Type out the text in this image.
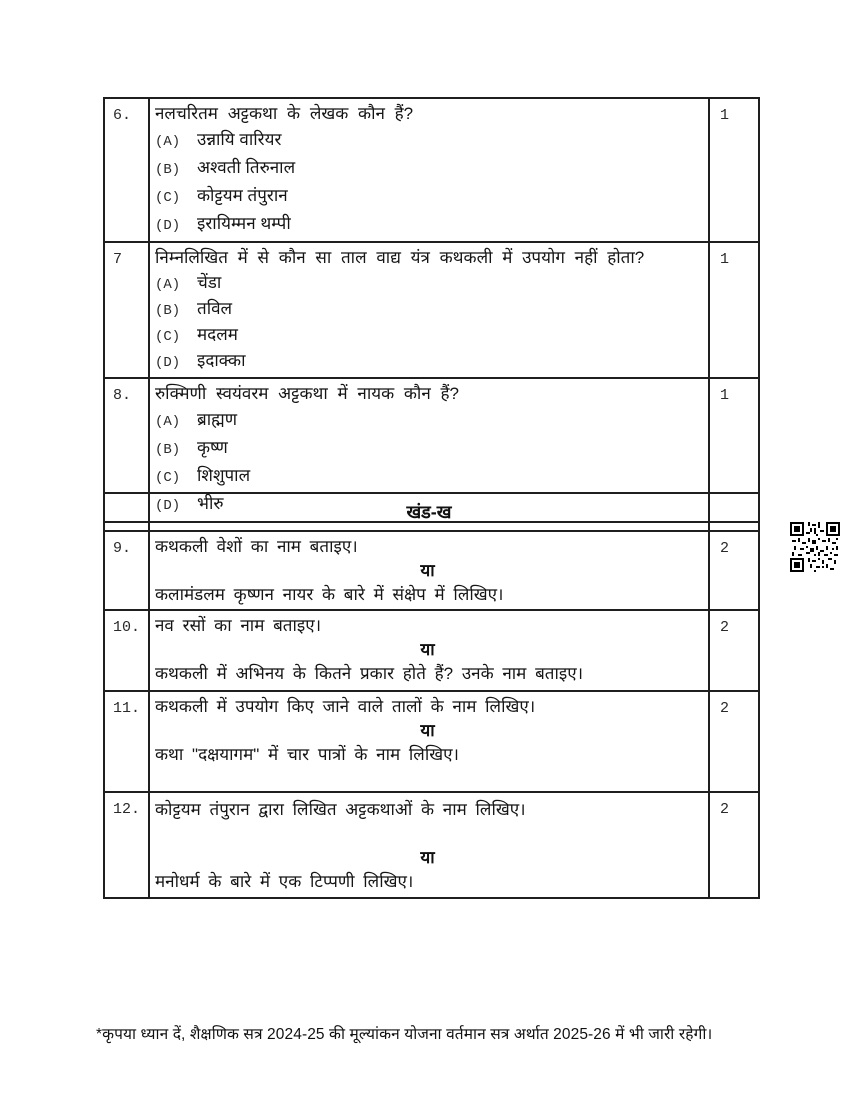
6.	नलचरितम अट्टकथा के लेखक कौन हैं?
(A) उन्नायि वारियर
(B) अश्वती तिरुनाल
(C) कोट्टयम तंपुरान
(D) इरायिम्मन थम्पी
	1
7	निम्नलिखित में से कौन सा ताल वाद्य यंत्र कथकली में उपयोग नहीं होता?
(A) चेंडा
(B) तविल
(C) मदलम
(D) इदाक्का
	1
8.	रुक्मिणी स्वयंवरम अट्टकथा में नायक कौन हैं?
(A) ब्राह्मण
(B) कृष्ण
(C) शिशुपाल
(D) भीरु
	1
	खंड-ख	
9.	कथकली वेशों का नाम बताइए।
या
कलामंडलम कृष्णन नायर के बारे में संक्षेप में लिखिए।	2
10.	नव रसों का नाम बताइए।
या
कथकली में अभिनय के कितने प्रकार होते हैं? उनके नाम बताइए।	2
11.	कथकली में उपयोग किए जाने वाले तालों के नाम लिखिए।
या
कथा "दक्षयागम" में चार पात्रों के नाम लिखिए।	2
12.	कोट्टयम तंपुरान द्वारा लिखित अट्टकथाओं के नाम लिखिए।
या
मनोधर्म के बारे में एक टिप्पणी लिखिए।	2
*कृपया ध्यान दें, शैक्षणिक सत्र 2024-25 की मूल्यांकन योजना वर्तमान सत्र अर्थात 2025-26 में भी जारी रहेगी।
